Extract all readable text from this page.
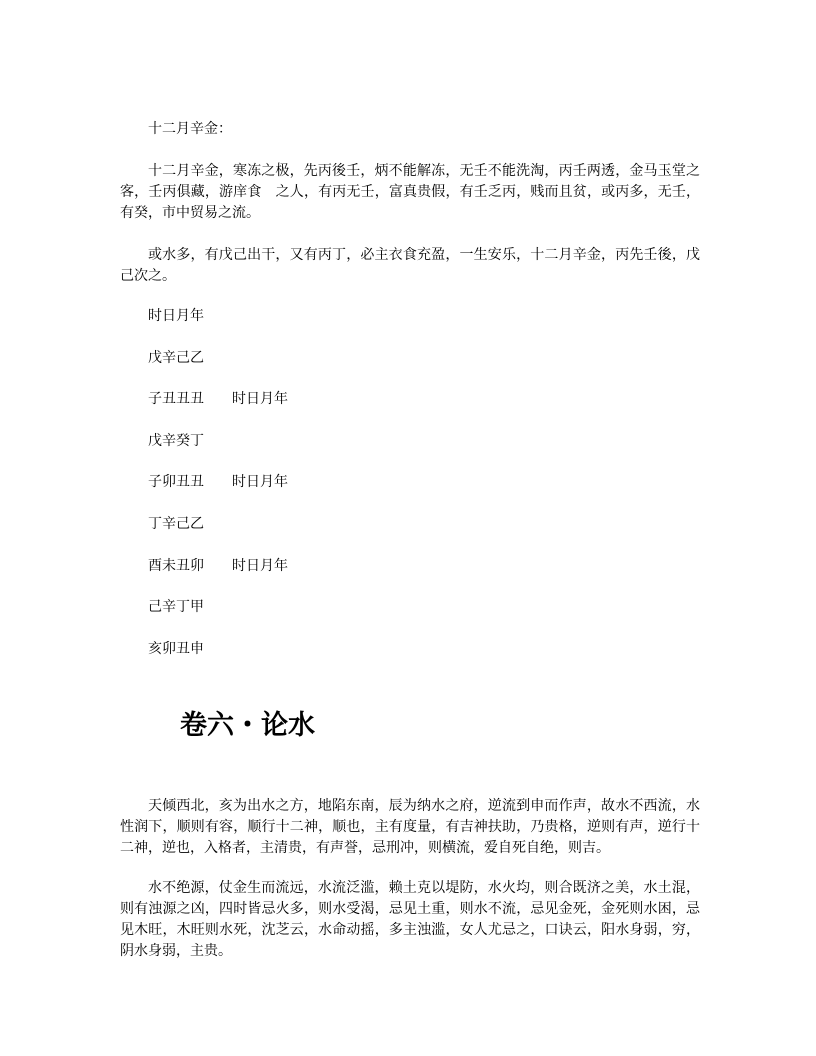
十二月辛金：

十二月辛金，寒冻之极，先丙後壬，炳不能解冻，无壬不能洗淘，丙壬两透，金马玉堂之客，壬丙俱藏，游庠食　之人，有丙无壬，富真贵假，有壬乏丙，贱而且贫，或丙多，无壬，有癸，市中贸易之流。

或水多，有戊己出干，又有丙丁，必主衣食充盈，一生安乐，十二月辛金，丙先壬後，戊己次之。

时日月年

戊辛己乙

子丑丑丑 时日月年

戊辛癸丁

子卯丑丑 时日月年

丁辛己乙

酉未丑卯 时日月年

己辛丁甲

亥卯丑申

卷六・论水

天倾西北，亥为出水之方，地陷东南，辰为纳水之府，逆流到申而作声，故水不西流，水性润下，顺则有容，顺行十二神，顺也，主有度量，有吉神扶助，乃贵格，逆则有声，逆行十二神，逆也，入格者，主清贵，有声誉，忌刑冲，则横流，爱自死自绝，则吉。

水不绝源，仗金生而流远，水流泛滥，赖土克以堤防，水火均，则合既济之美，水土混，则有浊源之凶，四时皆忌火多，则水受渴，忌见土重，则水不流，忌见金死，金死则水困，忌见木旺，木旺则水死，沈芝云，水命动摇，多主浊滥，女人尤忌之，口诀云，阳水身弱，穷，阴水身弱，主贵。
